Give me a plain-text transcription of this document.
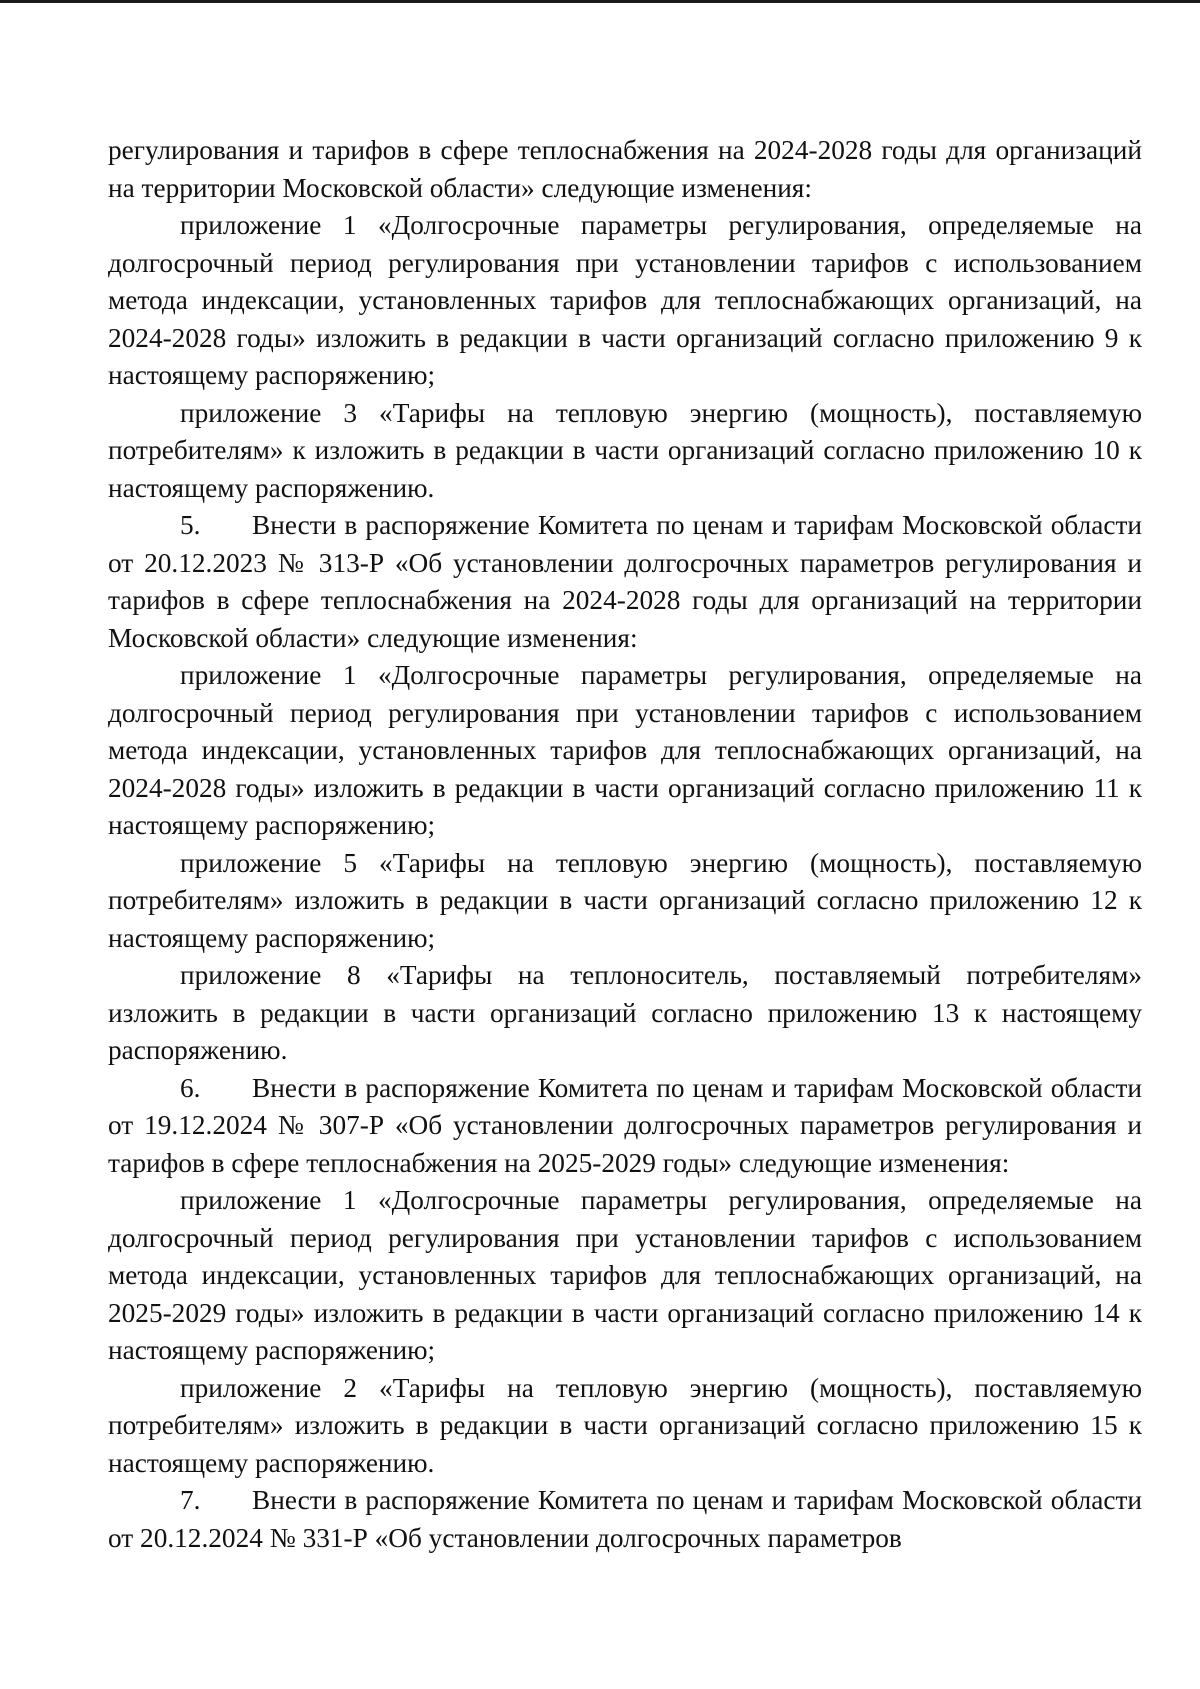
регулирования и тарифов в сфере теплоснабжения на 2024-2028 годы для организаций на территории Московской области» следующие изменения:

приложение 1 «Долгосрочные параметры регулирования, определяемые на долгосрочный период регулирования при установлении тарифов с использованием метода индексации, установленных тарифов для теплоснабжающих организаций, на 2024-2028 годы» изложить в редакции в части организаций согласно приложению 9 к настоящему распоряжению;

приложение 3 «Тарифы на тепловую энергию (мощность), поставляемую потребителям» к изложить в редакции в части организаций согласно приложению 10 к настоящему распоряжению.

5. Внести в распоряжение Комитета по ценам и тарифам Московской области от 20.12.2023 № 313-Р «Об установлении долгосрочных параметров регулирования и тарифов в сфере теплоснабжения на 2024-2028 годы для организаций на территории Московской области» следующие изменения:

приложение 1 «Долгосрочные параметры регулирования, определяемые на долгосрочный период регулирования при установлении тарифов с использованием метода индексации, установленных тарифов для теплоснабжающих организаций, на 2024-2028 годы» изложить в редакции в части организаций согласно приложению 11 к настоящему распоряжению;

приложение 5 «Тарифы на тепловую энергию (мощность), поставляемую потребителям» изложить в редакции в части организаций согласно приложению 12 к настоящему распоряжению;

приложение 8 «Тарифы на теплоноситель, поставляемый потребителям» изложить в редакции в части организаций согласно приложению 13 к настоящему распоряжению.

6. Внести в распоряжение Комитета по ценам и тарифам Московской области от 19.12.2024 № 307-Р «Об установлении долгосрочных параметров регулирования и тарифов в сфере теплоснабжения на 2025-2029 годы» следующие изменения:

приложение 1 «Долгосрочные параметры регулирования, определяемые на долгосрочный период регулирования при установлении тарифов с использованием метода индексации, установленных тарифов для теплоснабжающих организаций, на 2025-2029 годы» изложить в редакции в части организаций согласно приложению 14 к настоящему распоряжению;

приложение 2 «Тарифы на тепловую энергию (мощность), поставляемую потребителям» изложить в редакции в части организаций согласно приложению 15 к настоящему распоряжению.

7. Внести в распоряжение Комитета по ценам и тарифам Московской области от 20.12.2024 № 331-Р «Об установлении долгосрочных параметров
